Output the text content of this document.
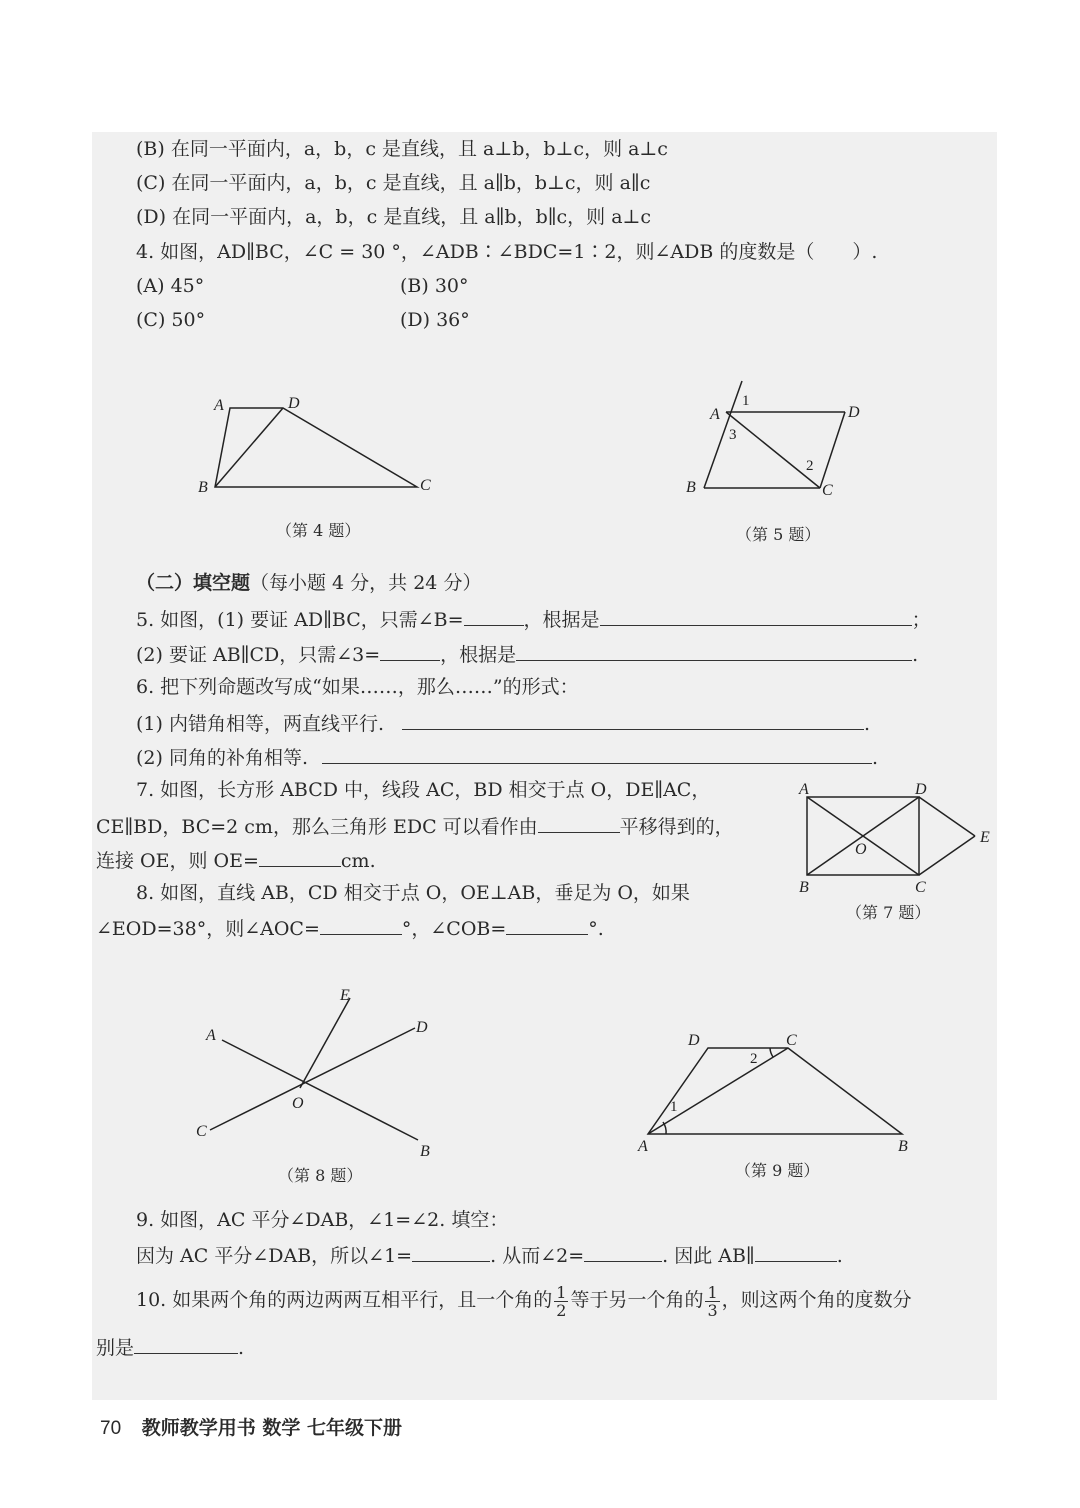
(B) 在同一平面内，a，b，c 是直线，且 a⊥b，b⊥c，则 a⊥c
(C) 在同一平面内，a，b，c 是直线，且 a∥b，b⊥c，则 a∥c
(D) 在同一平面内，a，b，c 是直线，且 a∥b，b∥c，则 a⊥c
4. 如图，AD∥BC，∠C = 30 °，∠ADB∶∠BDC=1∶2，则∠ADB 的度数是（　　）.
(A) 45°	(B) 30°
(C) 50°	(D) 36°
A	D
B	C
（第 4 题）
A	D
B	C
1
2
3
（第 5 题）
（二）填空题（每小题 4 分，共 24 分）
5. 如图，(1) 要证 AD∥BC，只需∠B=	，根据是	；
(2) 要证 AB∥CD，只需∠3=	，根据是	.
6. 把下列命题改写成“如果……，那么……”的形式：
(1) 内错角相等，两直线平行.	.
(2) 同角的补角相等.	.
7. 如图，长方形 ABCD 中，线段 AC，BD 相交于点 O，DE∥AC，
CE∥BD，BC=2 cm，那么三角形 EDC 可以看作由	平移得到的，
连接 OE，则 OE=	cm.
A	D
E
O
B	C
（第 7 题）
8. 如图，直线 AB，CD 相交于点 O，OE⊥AB，垂足为 O，如果
∠EOD=38°，则∠AOC=	°，∠COB=	°.
E
A	D
O
C
B
（第 8 题）
D	C
A	B
1
2
（第 9 题）
9. 如图，AC 平分∠DAB，∠1=∠2. 填空：
因为 AC 平分∠DAB，所以∠1=	. 从而∠2=	. 因此 AB∥	.
10. 如果两个角的两边两两互相平行，且一个角的 $\frac{1}{2}$ 等于另一个角的 $\frac{1}{3}$ ，则这两个角的度数分
别是	.
70 教师教学用书 数学 七年级下册
